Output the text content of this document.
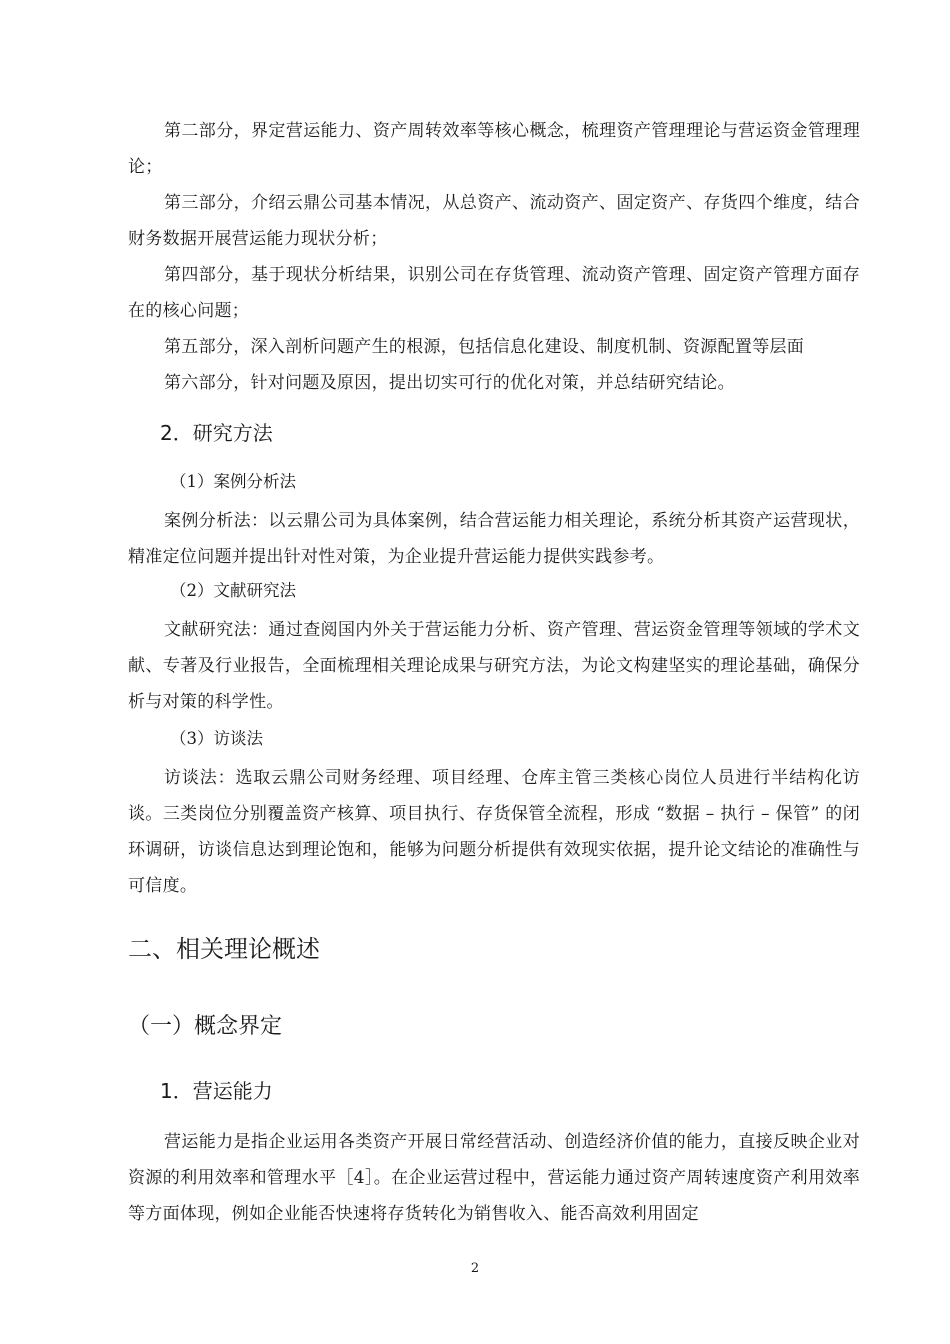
第二部分，界定营运能力、资产周转效率等核心概念，梳理资产管理理论与营运资金管理理论；

第三部分，介绍云鼎公司基本情况，从总资产、流动资产、固定资产、存货四个维度，结合财务数据开展营运能力现状分析；

第四部分，基于现状分析结果，识别公司在存货管理、流动资产管理、固定资产管理方面存在的核心问题；

第五部分，深入剖析问题产生的根源，包括信息化建设、制度机制、资源配置等层面

第六部分，针对问题及原因，提出切实可行的优化对策，并总结研究结论。

2．研究方法

（1）案例分析法

案例分析法：以云鼎公司为具体案例，结合营运能力相关理论，系统分析其资产运营现状，精准定位问题并提出针对性对策，为企业提升营运能力提供实践参考。

（2）文献研究法

文献研究法：通过查阅国内外关于营运能力分析、资产管理、营运资金管理等领域的学术文献、专著及行业报告，全面梳理相关理论成果与研究方法，为论文构建坚实的理论基础，确保分析与对策的科学性。

（3）访谈法

访谈法：选取云鼎公司财务经理、项目经理、仓库主管三类核心岗位人员进行半结构化访谈。三类岗位分别覆盖资产核算、项目执行、存货保管全流程，形成 “数据 – 执行 – 保管” 的闭环调研，访谈信息达到理论饱和，能够为问题分析提供有效现实依据，提升论文结论的准确性与可信度。

二、相关理论概述
（一）概念界定
1．营运能力

营运能力是指企业运用各类资产开展日常经营活动、创造经济价值的能力，直接反映企业对资源的利用效率和管理水平［4］。在企业运营过程中，营运能力通过资产周转速度资产利用效率等方面体现，例如企业能否快速将存货转化为销售收入、能否高效利用固定

2
